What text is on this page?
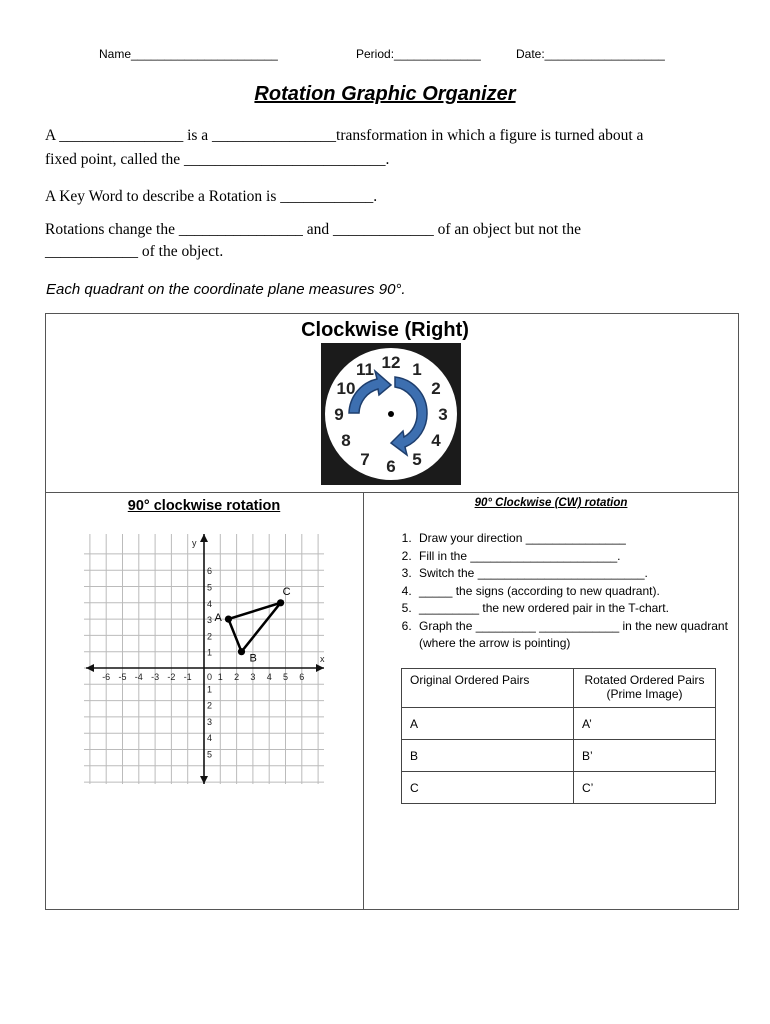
Name______________________	Period:_____________	Date:__________________
Rotation Graphic Organizer
A ________________ is a ________________transformation in which a figure is turned about a
fixed point, called the __________________________.
A Key Word to describe a Rotation is ____________.
Rotations change the ________________ and _____________ of an object but not the
____________ of the object.
Each quadrant on the coordinate plane measures 90°.
Clockwise (Right)
12 1
2
3
4
5
6
7
8
9
10
11
90° clockwise rotation
-6 -5 -4 -3 -2 -1	1 2 3 4 5 6
0
1
2
3
4
5
6
1
2
3
4
5
y
x
A
B
C
90° Clockwise (CW) rotation
1. Draw your direction _______________
2. Fill in the ______________________.
3. Switch the _________________________.
4. _____ the signs (according to new quadrant).
5. _________ the new ordered pair in the T-chart.
6. Graph the _________ ____________ in the new quadrant (where the arrow is pointing)
Original Ordered Pairs	Rotated Ordered Pairs (Prime Image)
A	A’
B	B’
C	C’
